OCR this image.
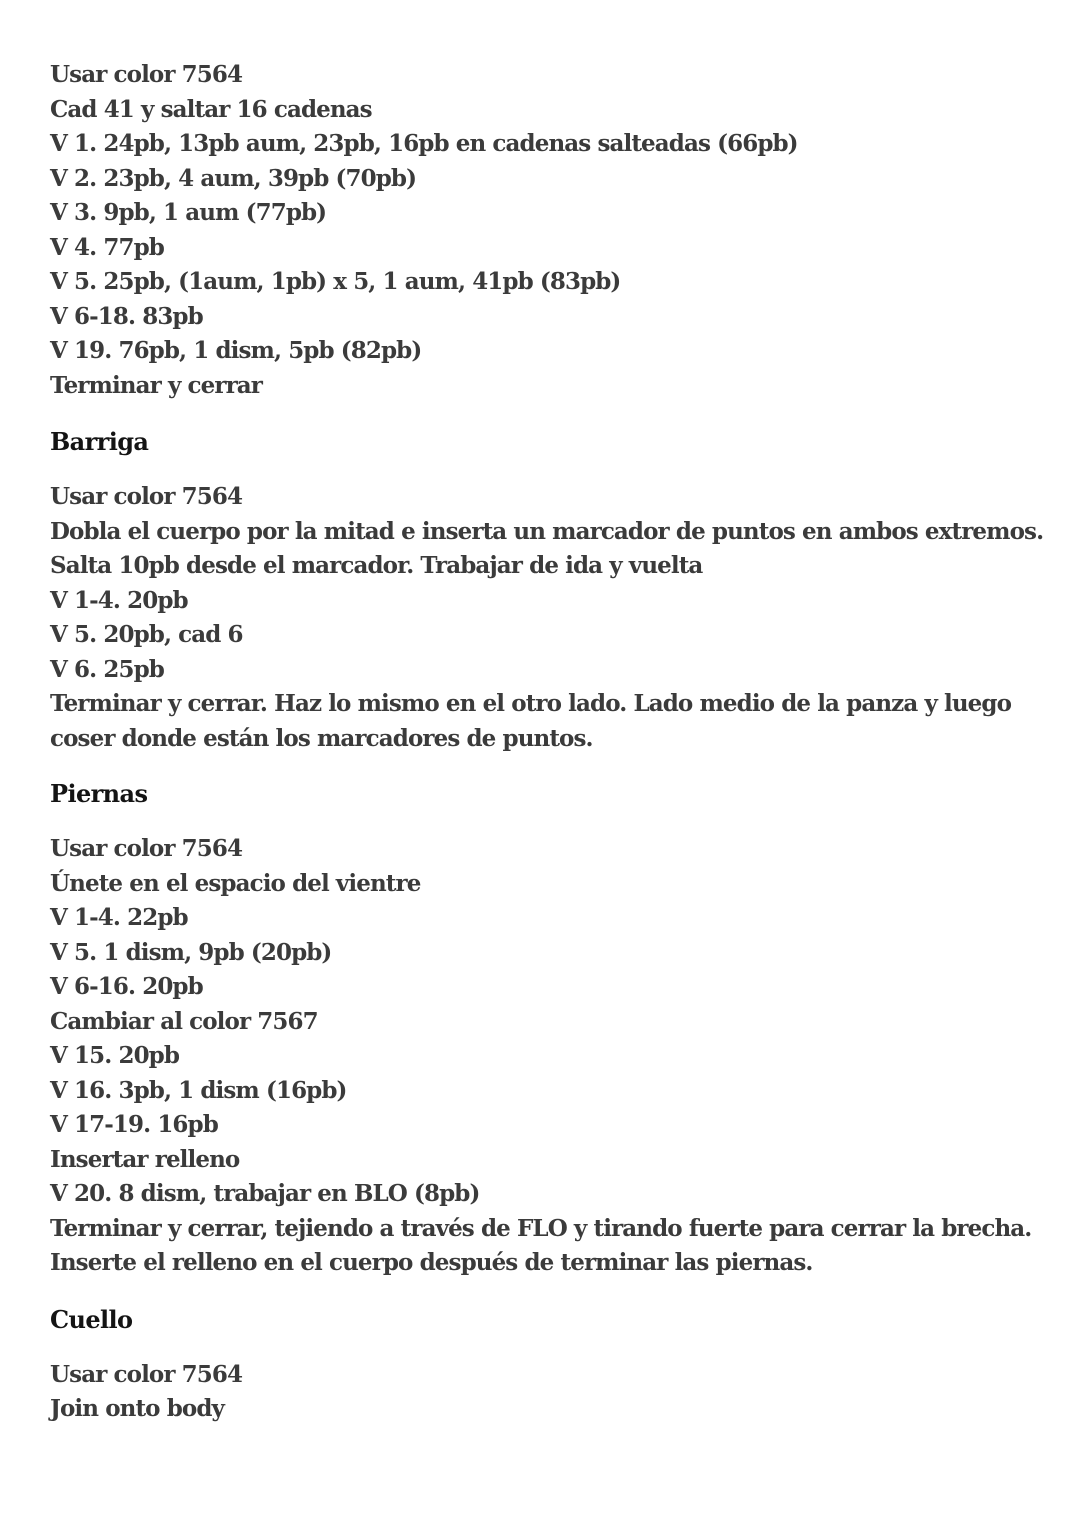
Usar color 7564
Cad 41 y saltar 16 cadenas
V 1. 24pb, 13pb aum, 23pb, 16pb en cadenas salteadas (66pb)
V 2. 23pb, 4 aum, 39pb (70pb)
V 3. 9pb, 1 aum (77pb)
V 4. 77pb
V 5. 25pb, (1aum, 1pb) x 5, 1 aum, 41pb (83pb)
V 6-18. 83pb
V 19. 76pb, 1 dism, 5pb (82pb)
Terminar y cerrar
Barriga
Usar color 7564
Dobla el cuerpo por la mitad e inserta un marcador de puntos en ambos extremos.
Salta 10pb desde el marcador. Trabajar de ida y vuelta
V 1-4. 20pb
V 5. 20pb, cad 6
V 6. 25pb
Terminar y cerrar. Haz lo mismo en el otro lado. Lado medio de la panza y luego coser donde están los marcadores de puntos.
Piernas
Usar color 7564
Únete en el espacio del vientre
V 1-4. 22pb
V 5. 1 dism, 9pb (20pb)
V 6-16. 20pb
Cambiar al color 7567
V 15. 20pb
V 16. 3pb, 1 dism (16pb)
V 17-19. 16pb
Insertar relleno
V 20. 8 dism, trabajar en BLO (8pb)
Terminar y cerrar, tejiendo a través de FLO y tirando fuerte para cerrar la brecha.
Inserte el relleno en el cuerpo después de terminar las piernas.
Cuello
Usar color 7564
Join onto body
